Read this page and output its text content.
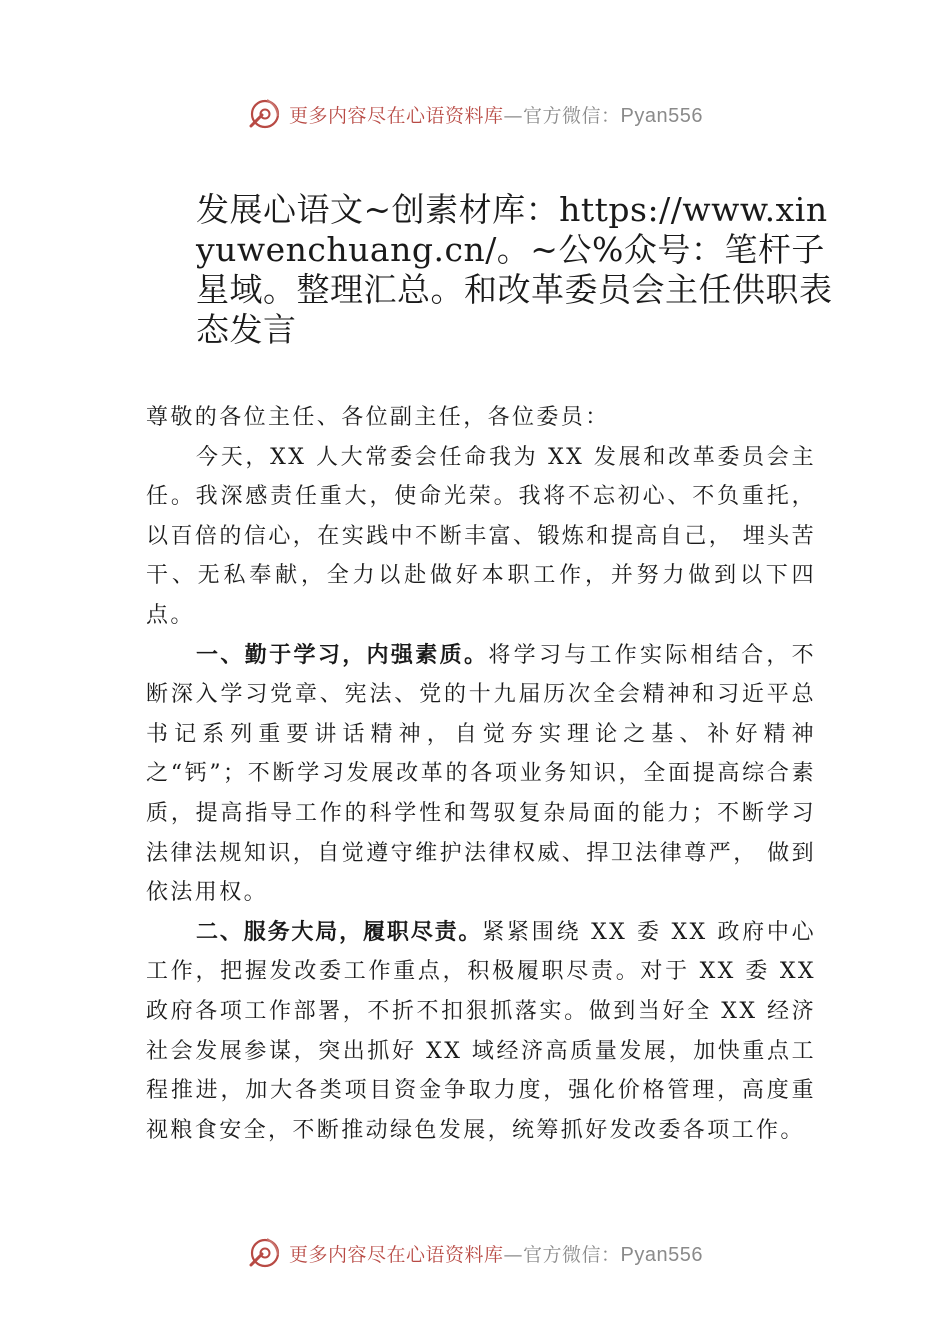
更多内容尽在心语资料库—官方微信：Pyan556
发展心语文~创素材库：https://www.xinyuwenchuang.cn/。~公%众号：笔杆子星域。整理汇总。和改革委员会主任供职表态发言

尊敬的各位主任、各位副主任，各位委员：

今天，XX 人大常委会任命我为 XX 发展和改革委员会主任。我深感责任重大，使命光荣。我将不忘初心、不负重托，以百倍的信心，在实践中不断丰富、锻炼和提高自己， 埋头苦干、无私奉献，全力以赴做好本职工作，并努力做到以下四点。

一、勤于学习，内强素质。将学习与工作实际相结合，不断深入学习党章、宪法、党的十九届历次全会精神和习近平总书记系列重要讲话精神，自觉夯实理论之基、补好精神之“钙”；不断学习发展改革的各项业务知识，全面提高综合素质，提高指导工作的科学性和驾驭复杂局面的能力；不断学习法律法规知识，自觉遵守维护法律权威、捍卫法律尊严， 做到依法用权。

二、服务大局，履职尽责。紧紧围绕 XX 委 XX 政府中心工作，把握发改委工作重点，积极履职尽责。对于 XX 委 XX 政府各项工作部署，不折不扣狠抓落实。做到当好全 XX 经济社会发展参谋，突出抓好 XX 域经济高质量发展，加快重点工程推进，加大各类项目资金争取力度，强化价格管理，高度重视粮食安全，不断推动绿色发展，统筹抓好发改委各项工作。

更多内容尽在心语资料库—官方微信：Pyan556
